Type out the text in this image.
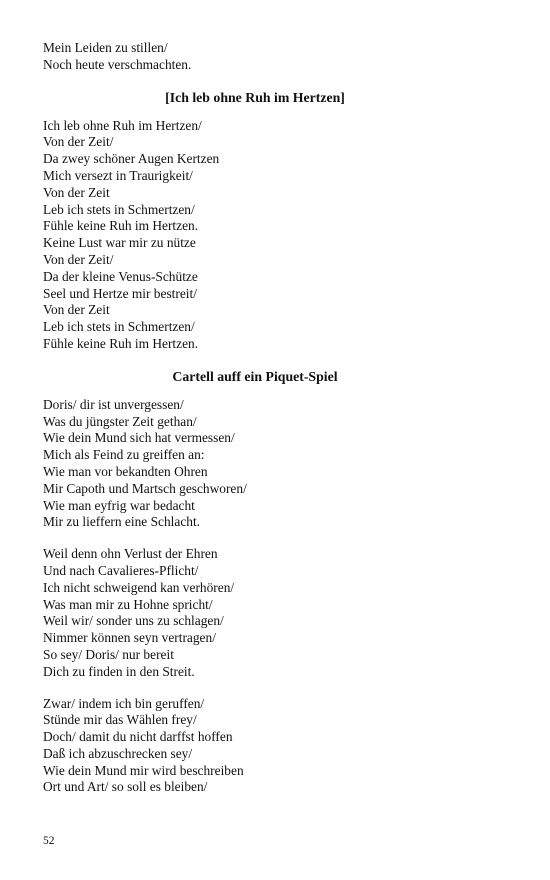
Mein Leiden zu stillen/
Noch heute verschmachten.
[Ich leb ohne Ruh im Hertzen]
Ich leb ohne Ruh im Hertzen/
Von der Zeit/
Da zwey schöner Augen Kertzen
Mich versezt in Traurigkeit/
Von der Zeit
Leb ich stets in Schmertzen/
Fühle keine Ruh im Hertzen.
Keine Lust war mir zu nütze
Von der Zeit/
Da der kleine Venus-Schütze
Seel und Hertze mir bestreit/
Von der Zeit
Leb ich stets in Schmertzen/
Fühle keine Ruh im Hertzen.
Cartell auff ein Piquet-Spiel
Doris/ dir ist unvergessen/
Was du jüngster Zeit gethan/
Wie dein Mund sich hat vermessen/
Mich als Feind zu greiffen an:
Wie man vor bekandten Ohren
Mir Capoth und Martsch geschworen/
Wie man eyfrig war bedacht
Mir zu lieffern eine Schlacht.
Weil denn ohn Verlust der Ehren
Und nach Cavalieres-Pflicht/
Ich nicht schweigend kan verhören/
Was man mir zu Hohne spricht/
Weil wir/ sonder uns zu schlagen/
Nimmer können seyn vertragen/
So sey/ Doris/ nur bereit
Dich zu finden in den Streit.
Zwar/ indem ich bin geruffen/
Stünde mir das Wählen frey/
Doch/ damit du nicht darffst hoffen
Daß ich abzuschrecken sey/
Wie dein Mund mir wird beschreiben
Ort und Art/ so soll es bleiben/
52
